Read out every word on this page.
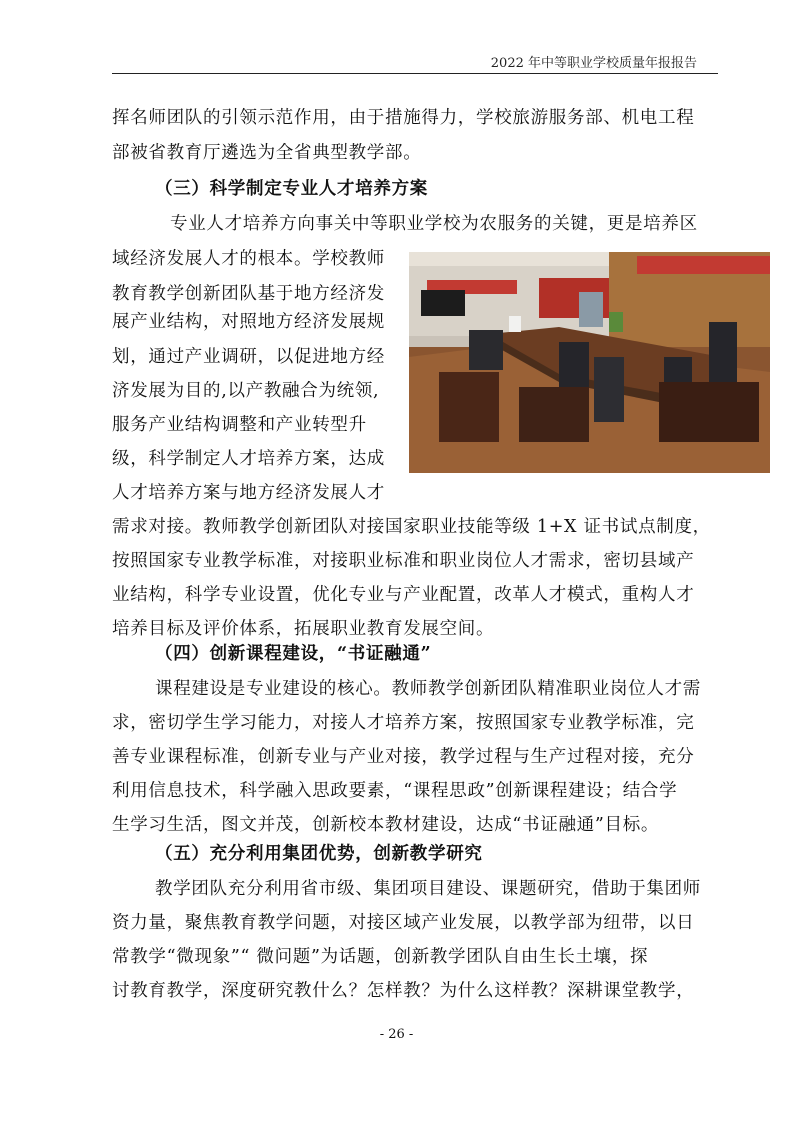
2022 年中等职业学校质量年报报告
挥名师团队的引领示范作用，由于措施得力，学校旅游服务部、机电工程
部被省教育厅遴选为全省典型教学部。
（三）科学制定专业人才培养方案
专业人才培养方向事关中等职业学校为农服务的关键，更是培养区
域经济发展人才的根本。学校教师
教育教学创新团队基于地方经济发
展产业结构，对照地方经济发展规
划，通过产业调研，以促进地方经
济发展为目的,以产教融合为统领,
服务产业结构调整和产业转型升
级，科学制定人才培养方案，达成
人才培养方案与地方经济发展人才
需求对接。教师教学创新团队对接国家职业技能等级 1+X 证书试点制度，
按照国家专业教学标准，对接职业标准和职业岗位人才需求，密切县域产
业结构，科学专业设置，优化专业与产业配置，改革人才模式，重构人才
培养目标及评价体系，拓展职业教育发展空间。
（四）创新课程建设，“书证融通”
课程建设是专业建设的核心。教师教学创新团队精准职业岗位人才需
求，密切学生学习能力，对接人才培养方案，按照国家专业教学标准，完
善专业课程标准，创新专业与产业对接，教学过程与生产过程对接，充分
利用信息技术，科学融入思政要素，“课程思政”创新课程建设；结合学
生学习生活，图文并茂，创新校本教材建设，达成“书证融通”目标。
（五）充分利用集团优势，创新教学研究
教学团队充分利用省市级、集团项目建设、课题研究，借助于集团师
资力量，聚焦教育教学问题，对接区域产业发展，以教学部为纽带，以日
常教学“微现象”“ 微问题”为话题，创新教学团队自由生长土壤，探
讨教育教学，深度研究教什么？怎样教？为什么这样教？深耕课堂教学，
- 26 -
